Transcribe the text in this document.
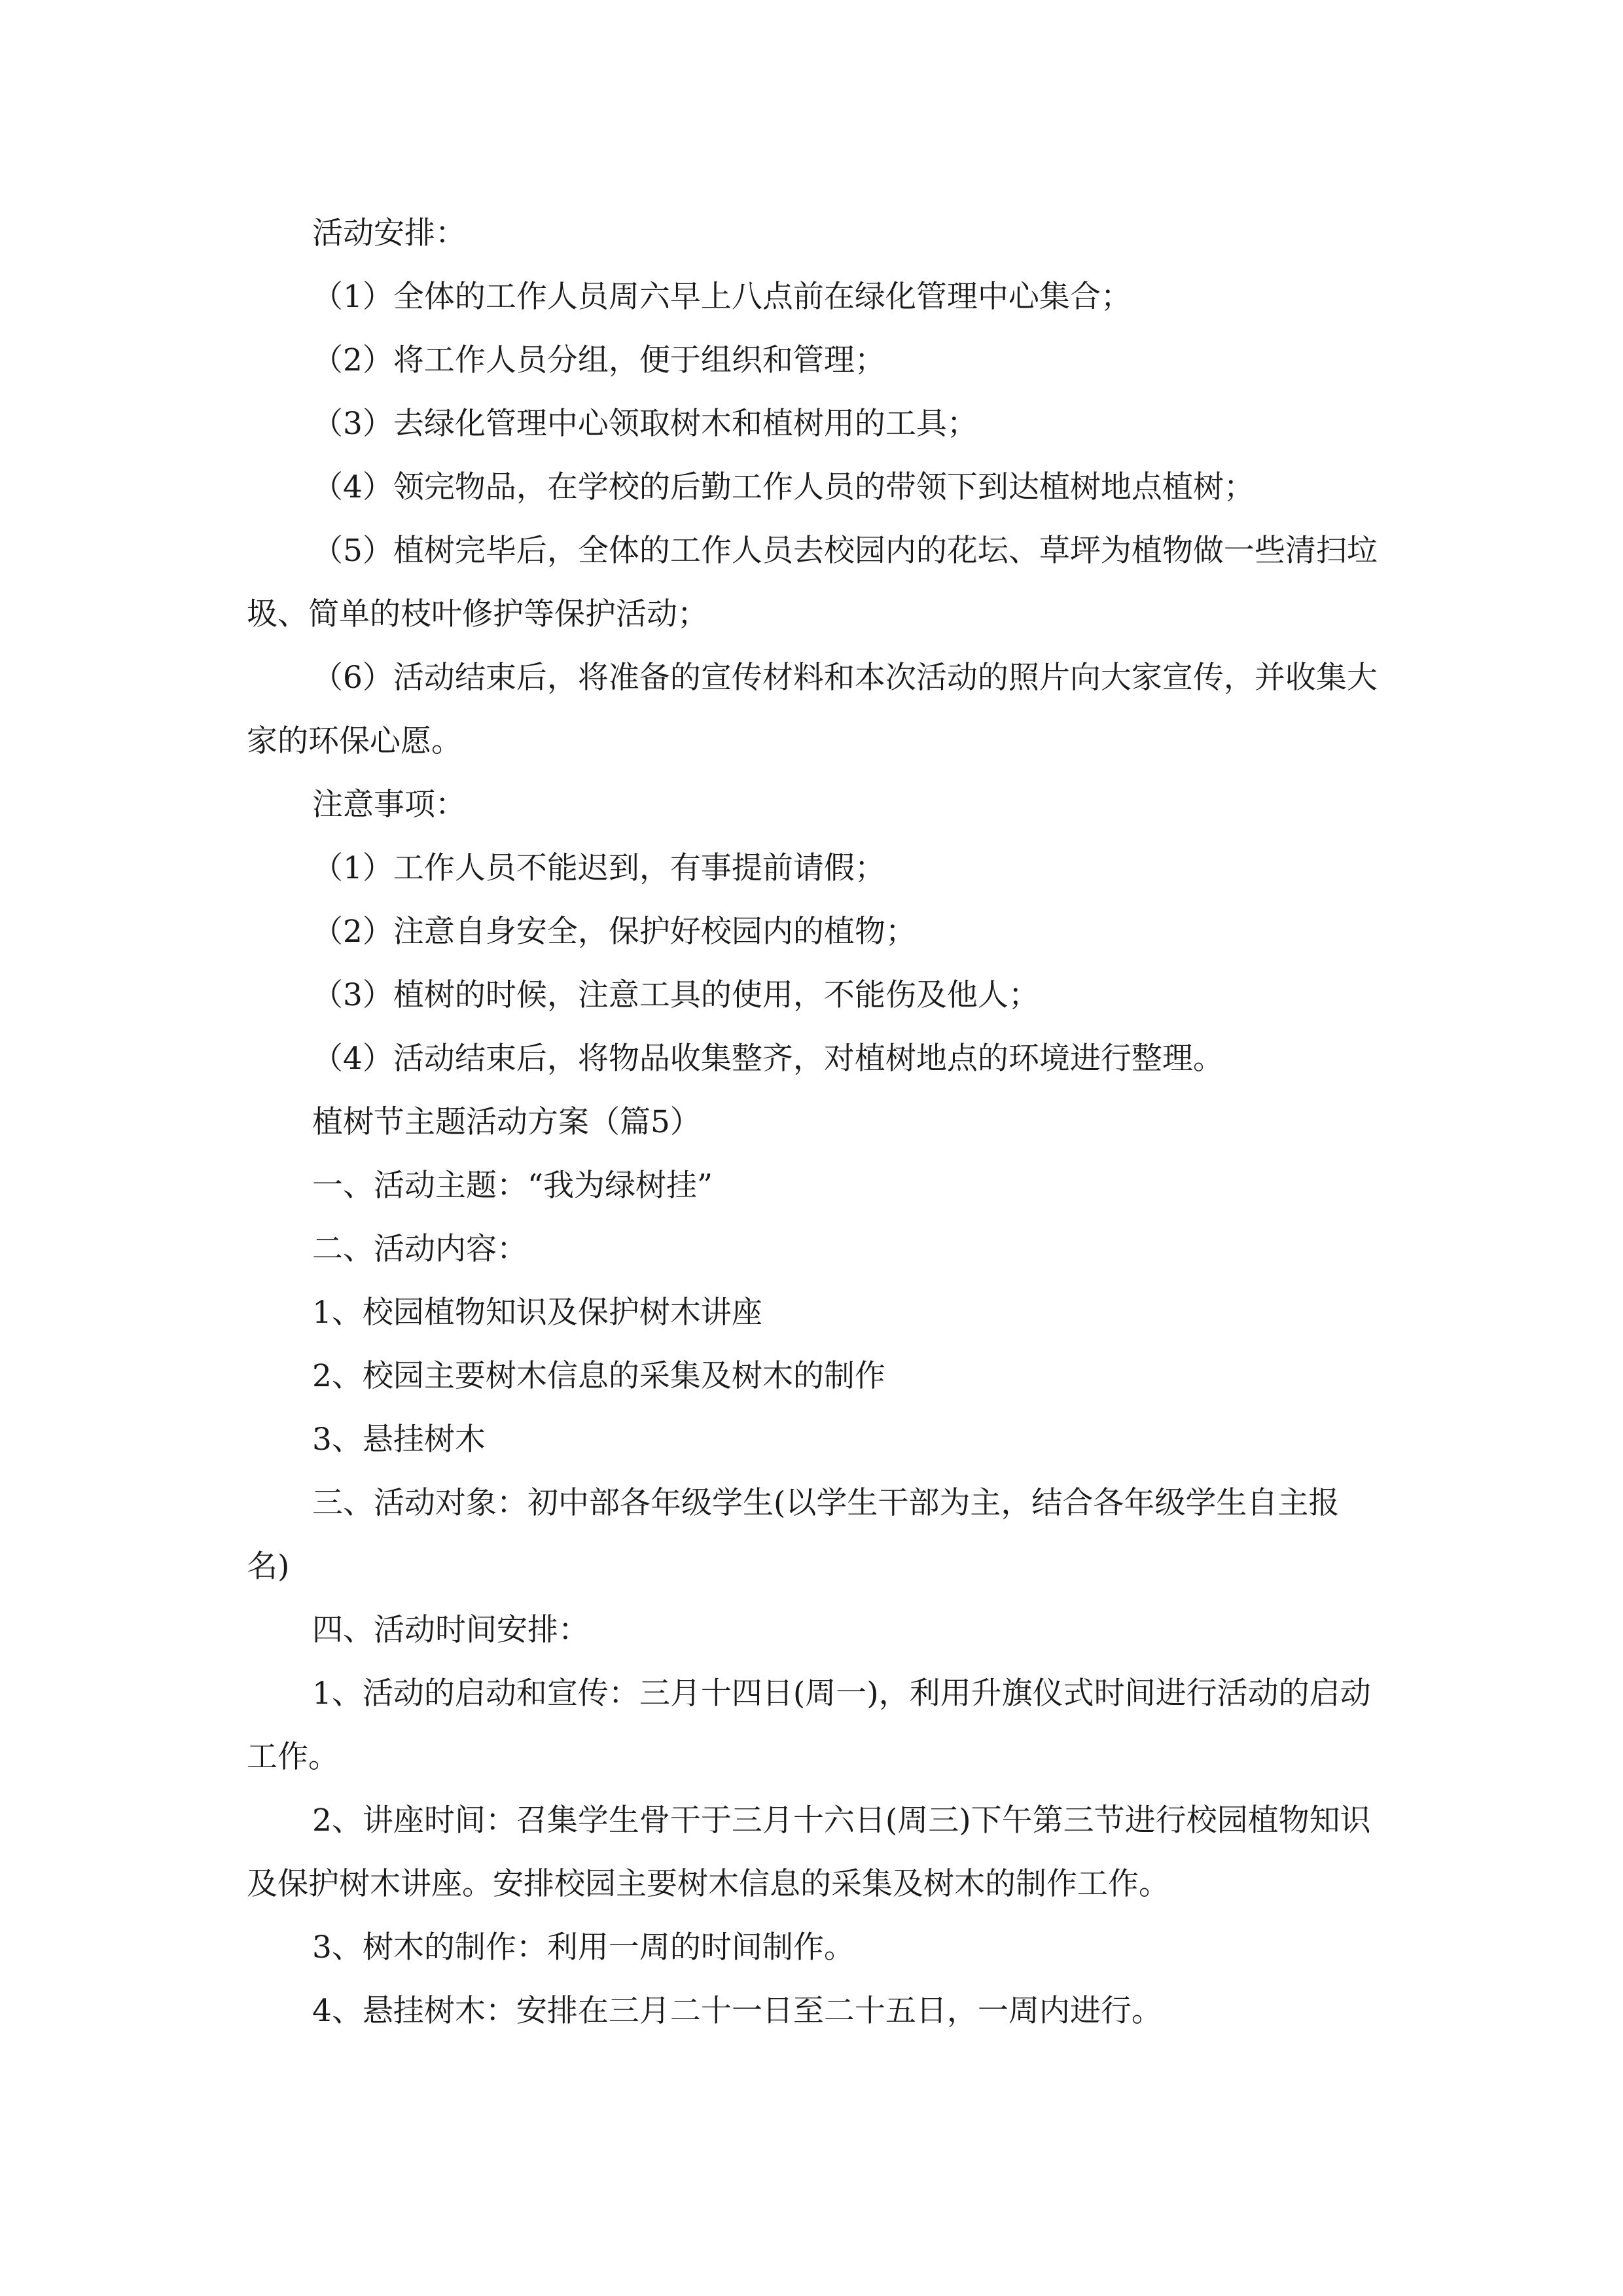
活动安排：

（1）全体的工作人员周六早上八点前在绿化管理中心集合；

（2）将工作人员分组，便于组织和管理；

（3）去绿化管理中心领取树木和植树用的工具；

（4）领完物品，在学校的后勤工作人员的带领下到达植树地点植树；

（5）植树完毕后，全体的工作人员去校园内的花坛、草坪为植物做一些清扫垃圾、简单的枝叶修护等保护活动；

（6）活动结束后，将准备的宣传材料和本次活动的照片向大家宣传，并收集大家的环保心愿。

注意事项：

（1）工作人员不能迟到，有事提前请假；

（2）注意自身安全，保护好校园内的植物；

（3）植树的时候，注意工具的使用，不能伤及他人；

（4）活动结束后，将物品收集整齐，对植树地点的环境进行整理。

植树节主题活动方案（篇5）

一、活动主题：“我为绿树挂”

二、活动内容：

1、校园植物知识及保护树木讲座

2、校园主要树木信息的采集及树木的制作

3、悬挂树木

三、活动对象：初中部各年级学生(以学生干部为主，结合各年级学生自主报名)

四、活动时间安排：

1、活动的启动和宣传：三月十四日(周一)，利用升旗仪式时间进行活动的启动工作。

2、讲座时间：召集学生骨干于三月十六日(周三)下午第三节进行校园植物知识及保护树木讲座。安排校园主要树木信息的采集及树木的制作工作。

3、树木的制作：利用一周的时间制作。

4、悬挂树木：安排在三月二十一日至二十五日，一周内进行。
